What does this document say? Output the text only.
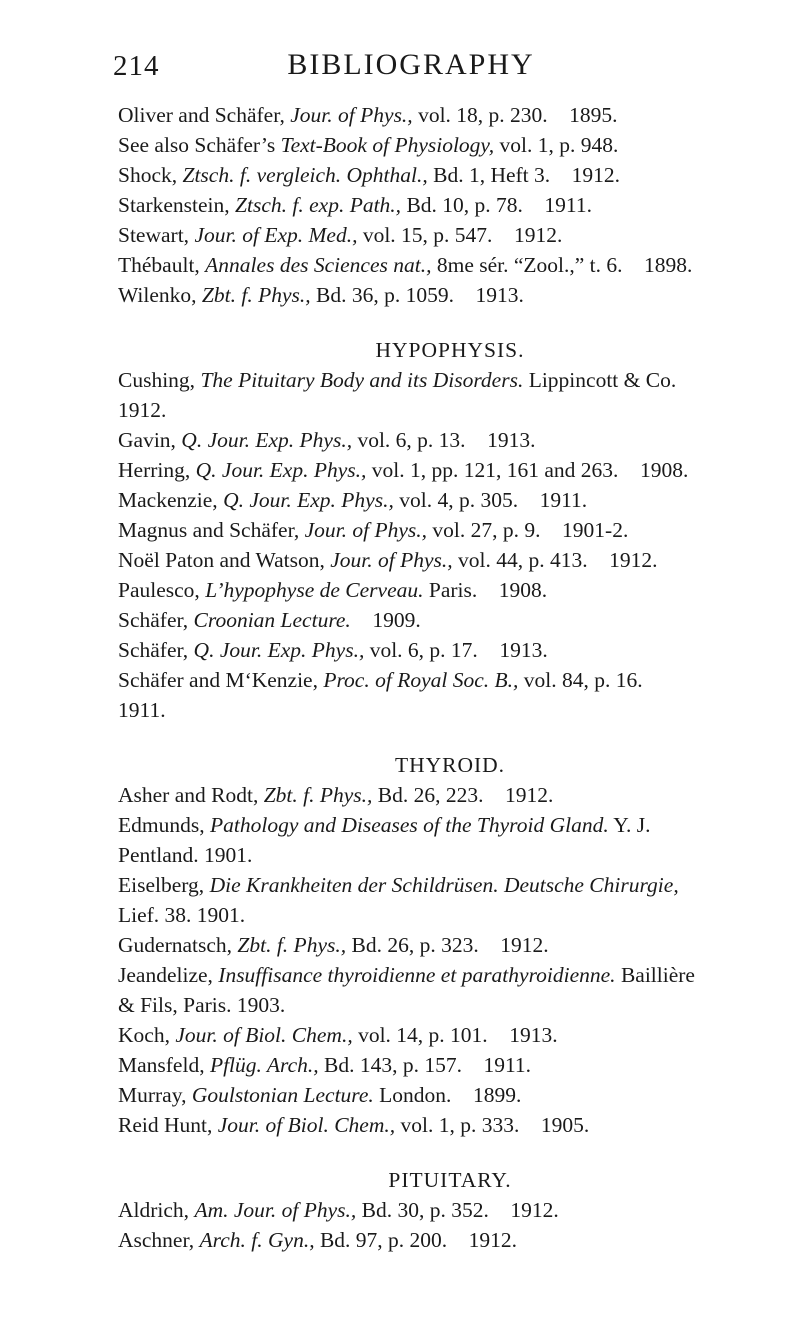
214	BIBLIOGRAPHY
Oliver and Schäfer, Jour. of Phys., vol. 18, p. 230.  1895.
See also Schäfer’s Text-Book of Physiology, vol. 1, p. 948.
Shock, Ztsch. f. vergleich. Ophthal., Bd. 1, Heft 3.  1912.
Starkenstein, Ztsch. f. exp. Path., Bd. 10, p. 78.  1911.
Stewart, Jour. of Exp. Med., vol. 15, p. 547.  1912.
Thébault, Annales des Sciences nat., 8me sér. “Zool.,” t. 6.  1898.
Wilenko, Zbt. f. Phys., Bd. 36, p. 1059.  1913.
HYPOPHYSIS.
Cushing, The Pituitary Body and its Disorders. Lippincott & Co.
1912.
Gavin, Q. Jour. Exp. Phys., vol. 6, p. 13.  1913.
Herring, Q. Jour. Exp. Phys., vol. 1, pp. 121, 161 and 263.  1908.
Mackenzie, Q. Jour. Exp. Phys., vol. 4, p. 305.  1911.
Magnus and Schäfer, Jour. of Phys., vol. 27, p. 9.  1901-2.
Noël Paton and Watson, Jour. of Phys., vol. 44, p. 413.  1912.
Paulesco, L’hypophyse de Cerveau. Paris.  1908.
Schäfer, Croonian Lecture.  1909.
Schäfer, Q. Jour. Exp. Phys., vol. 6, p. 17.  1913.
Schäfer and M‘Kenzie, Proc. of Royal Soc. B., vol. 84, p. 16.
1911.
THYROID.
Asher and Rodt, Zbt. f. Phys., Bd. 26, 223.  1912.
Edmunds, Pathology and Diseases of the Thyroid Gland. Y. J.
Pentland. 1901.
Eiselberg, Die Krankheiten der Schildrüsen. Deutsche Chirurgie,
Lief. 38. 1901.
Gudernatsch, Zbt. f. Phys., Bd. 26, p. 323.  1912.
Jeandelize, Insuffisance thyroidienne et parathyroidienne. Baillière
& Fils, Paris. 1903.
Koch, Jour. of Biol. Chem., vol. 14, p. 101.  1913.
Mansfeld, Pflüg. Arch., Bd. 143, p. 157.  1911.
Murray, Goulstonian Lecture. London.  1899.
Reid Hunt, Jour. of Biol. Chem., vol. 1, p. 333.  1905.
PITUITARY.
Aldrich, Am. Jour. of Phys., Bd. 30, p. 352.  1912.
Aschner, Arch. f. Gyn., Bd. 97, p. 200.  1912.
